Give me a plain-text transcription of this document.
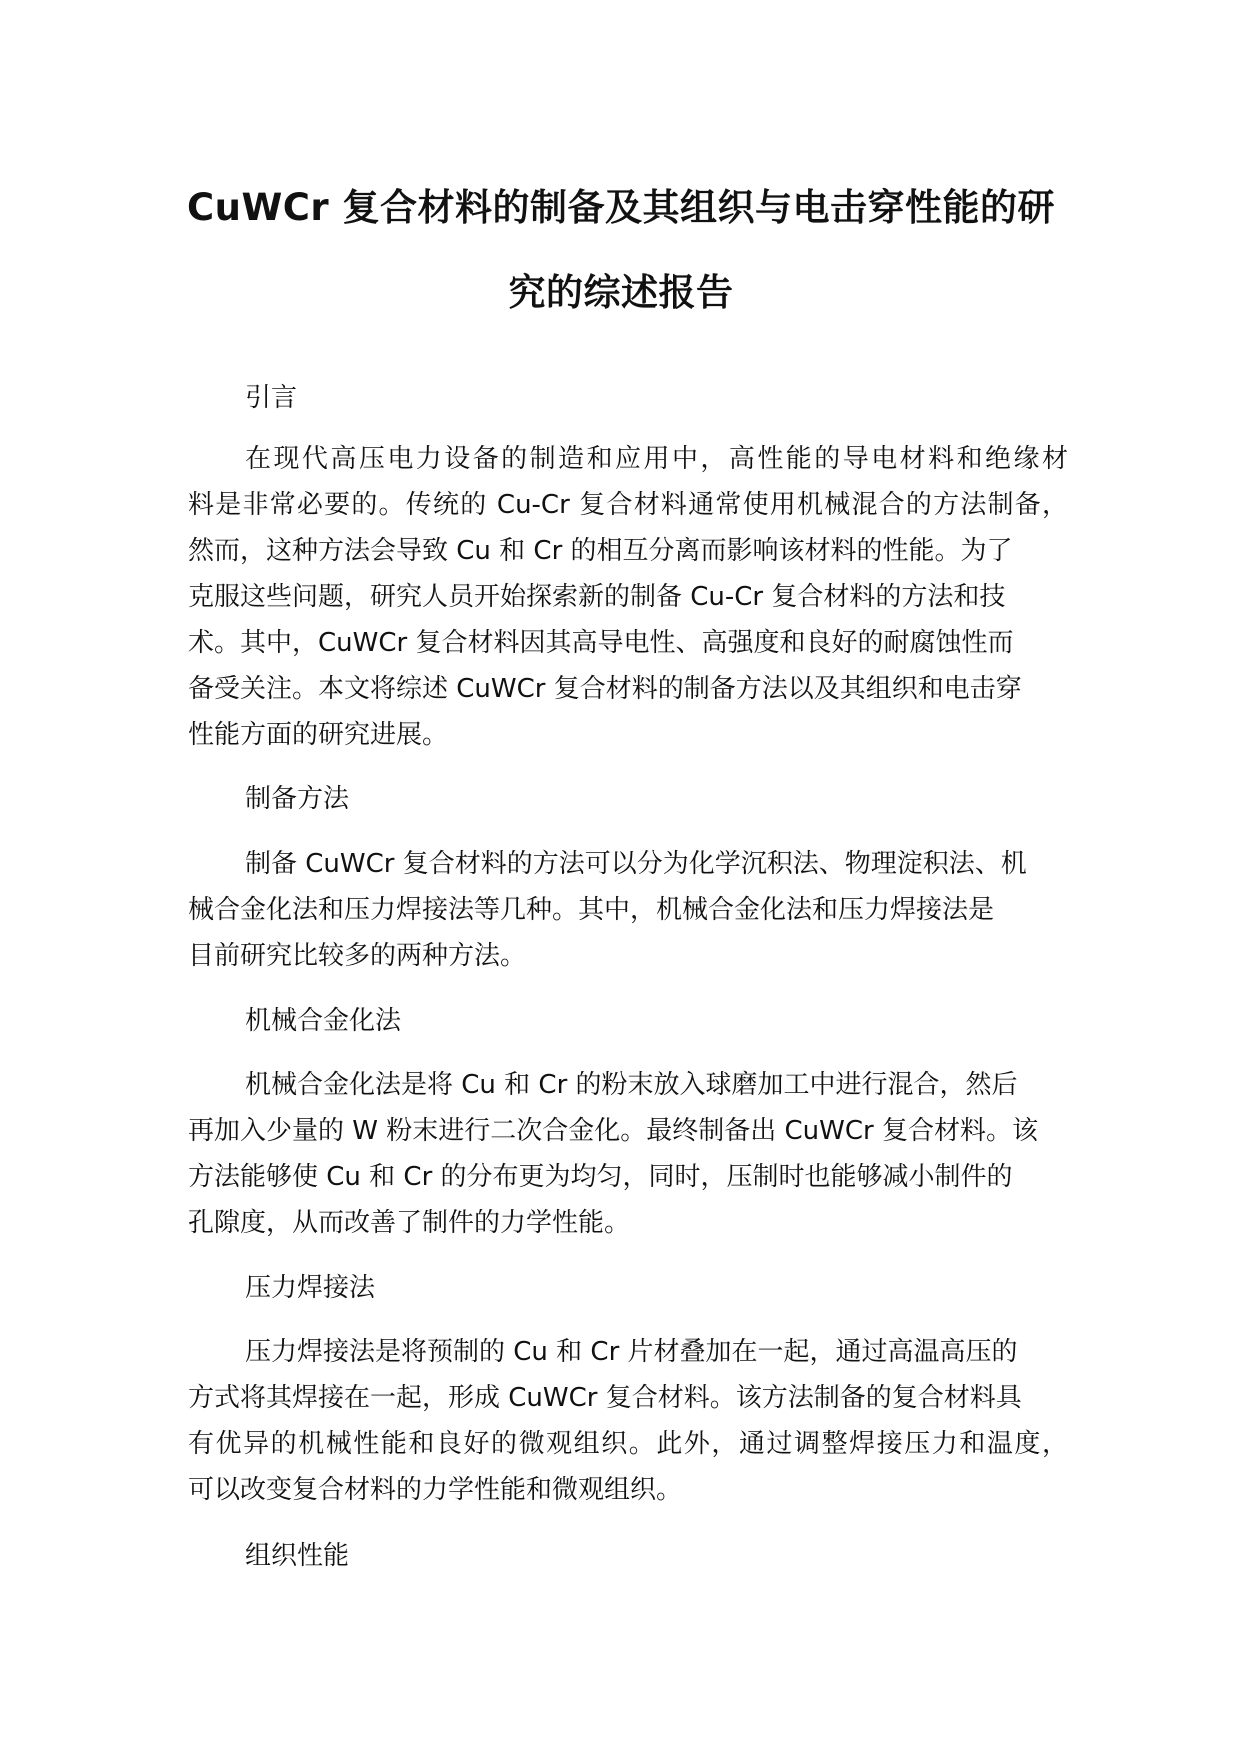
CuWCr 复合材料的制备及其组织与电击穿性能的研
究的综述报告

引言

在现代高压电力设备的制造和应用中，高性能的导电材料和绝缘材

料是非常必要的。传统的 Cu-Cr 复合材料通常使用机械混合的方法制备，

然而，这种方法会导致 Cu 和 Cr 的相互分离而影响该材料的性能。为了

克服这些问题，研究人员开始探索新的制备 Cu-Cr 复合材料的方法和技

术。其中，CuWCr 复合材料因其高导电性、高强度和良好的耐腐蚀性而

备受关注。本文将综述 CuWCr 复合材料的制备方法以及其组织和电击穿

性能方面的研究进展。

制备方法

制备 CuWCr 复合材料的方法可以分为化学沉积法、物理淀积法、机

械合金化法和压力焊接法等几种。其中，机械合金化法和压力焊接法是

目前研究比较多的两种方法。

机械合金化法

机械合金化法是将 Cu 和 Cr 的粉末放入球磨加工中进行混合，然后

再加入少量的 W 粉末进行二次合金化。最终制备出 CuWCr 复合材料。该

方法能够使 Cu 和 Cr 的分布更为均匀，同时，压制时也能够减小制件的

孔隙度，从而改善了制件的力学性能。

压力焊接法

压力焊接法是将预制的 Cu 和 Cr 片材叠加在一起，通过高温高压的

方式将其焊接在一起，形成 CuWCr 复合材料。该方法制备的复合材料具

有优异的机械性能和良好的微观组织。此外，通过调整焊接压力和温度，

可以改变复合材料的力学性能和微观组织。

组织性能
